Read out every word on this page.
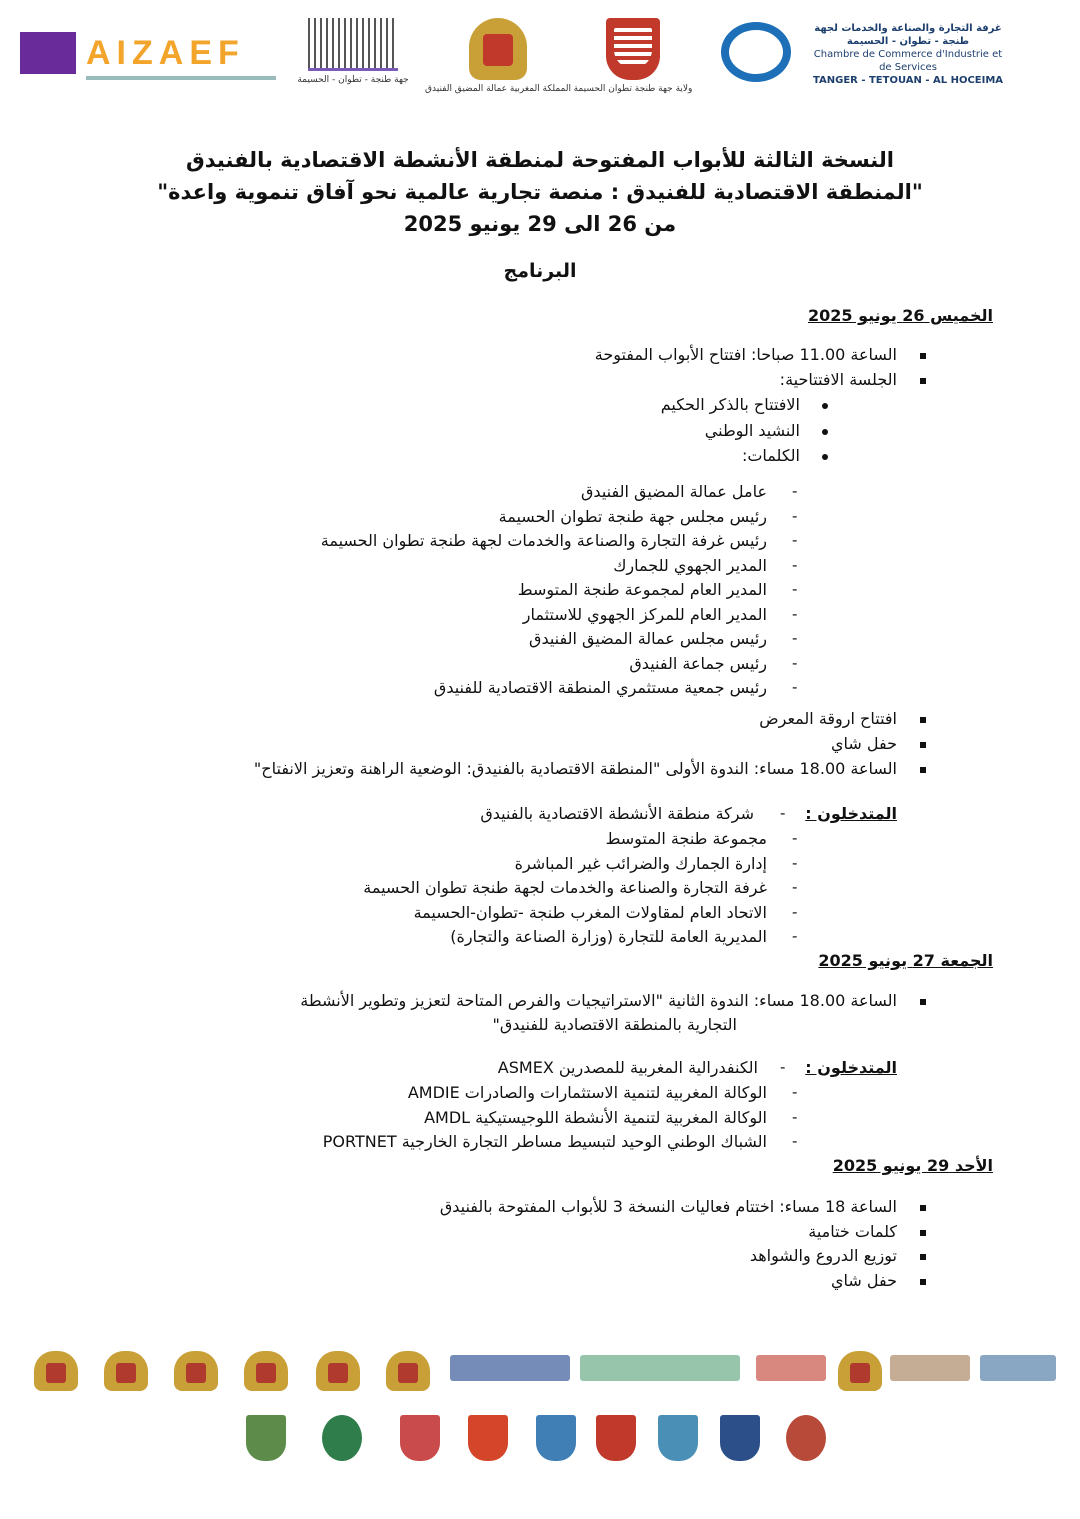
AIZAEF
جهة طنجة - تطوان - الحسيمة
المملكة المغربية عمالة المضيق الفنيدق ولاية جهة طنجة تطوان الحسيمة
غرفة التجارة والصناعة والخدمات لجهة طنجة - تطوان - الحسيمة
Chambre de Commerce d'Industrie et de Services
TANGER - TETOUAN - AL HOCEIMA
النسخة الثالثة للأبواب المفتوحة لمنطقة الأنشطة الاقتصادية بالفنيدق
"المنطقة الاقتصادية للفنيدق : منصة تجارية عالمية نحو آفاق تنموية واعدة"
من 26 الى 29 يونيو 2025
البرنامج
الخميس 26 يونيو 2025
الساعة 11.00 صباحا: افتتاح الأبواب المفتوحة
الجلسة الافتتاحية:
الافتتاح بالذكر الحكيم
النشيد الوطني
الكلمات:
-
عامل عمالة المضيق الفنيدق
-
رئيس مجلس جهة طنجة تطوان الحسيمة
-
رئيس غرفة التجارة والصناعة والخدمات لجهة طنجة تطوان الحسيمة
-
المدير الجهوي للجمارك
-
المدير العام لمجموعة طنجة المتوسط
-
المدير العام للمركز الجهوي للاستثمار
-
رئيس مجلس عمالة المضيق الفنيدق
-
رئيس جماعة الفنيدق
-
رئيس جمعية مستثمري المنطقة الاقتصادية للفنيدق
افتتاح اروقة المعرض
حفل شاي
الساعة 18.00 مساء: الندوة الأولى "المنطقة الاقتصادية بالفنيدق: الوضعية الراهنة وتعزيز الانفتاح"
المتدخلون :
-
شركة منطقة الأنشطة الاقتصادية بالفنيدق
-
مجموعة طنجة المتوسط
-
إدارة الجمارك والضرائب غير المباشرة
-
غرفة التجارة والصناعة والخدمات لجهة طنجة تطوان الحسيمة
-
الاتحاد العام لمقاولات المغرب طنجة -تطوان-الحسيمة
-
المديرية العامة للتجارة (وزارة الصناعة والتجارة)
الجمعة 27 يونيو 2025
الساعة 18.00 مساء: الندوة الثانية "الاستراتيجيات والفرص المتاحة لتعزيز وتطوير الأنشطة
التجارية بالمنطقة الاقتصادية للفنيدق"
المتدخلون :
-
الكنفدرالية المغربية للمصدرين ASMEX
-
الوكالة المغربية لتنمية الاستثمارات والصادرات AMDIE
-
الوكالة المغربية لتنمية الأنشطة اللوجيستيكية AMDL
-
الشباك الوطني الوحيد لتبسيط مساطر التجارة الخارجية PORTNET
الأحد 29 يونيو 2025
الساعة 18 مساء: اختتام فعاليات النسخة 3 للأبواب المفتوحة بالفنيدق
كلمات ختامية
توزيع الدروع والشواهد
حفل شاي
